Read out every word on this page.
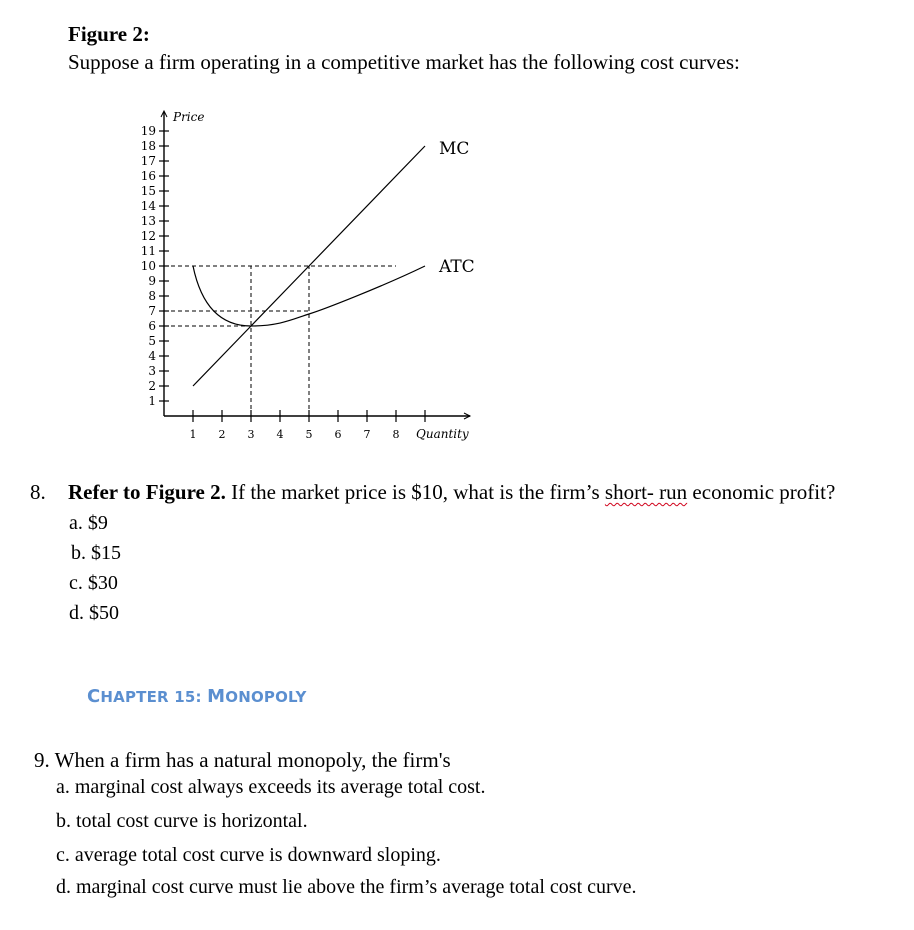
Figure 2:
Suppose a firm operating in a competitive market has the following cost curves:
1
2
3
4
5
6
7
8
9
10
11
12
13
14
15
16
17
18
19
1 2 3 4 5 6 7 8 Quantity
Price
MC
ATC
8. Refer to Figure 2. If the market price is $10, what is the firm’s short- run economic profit?
a. $9
b. $15
c. $30
d. $50
CHAPTER 15: MONOPOLY
9. When a firm has a natural monopoly, the firm's
a. marginal cost always exceeds its average total cost.
b. total cost curve is horizontal.
c. average total cost curve is downward sloping.
d. marginal cost curve must lie above the firm’s average total cost curve.
